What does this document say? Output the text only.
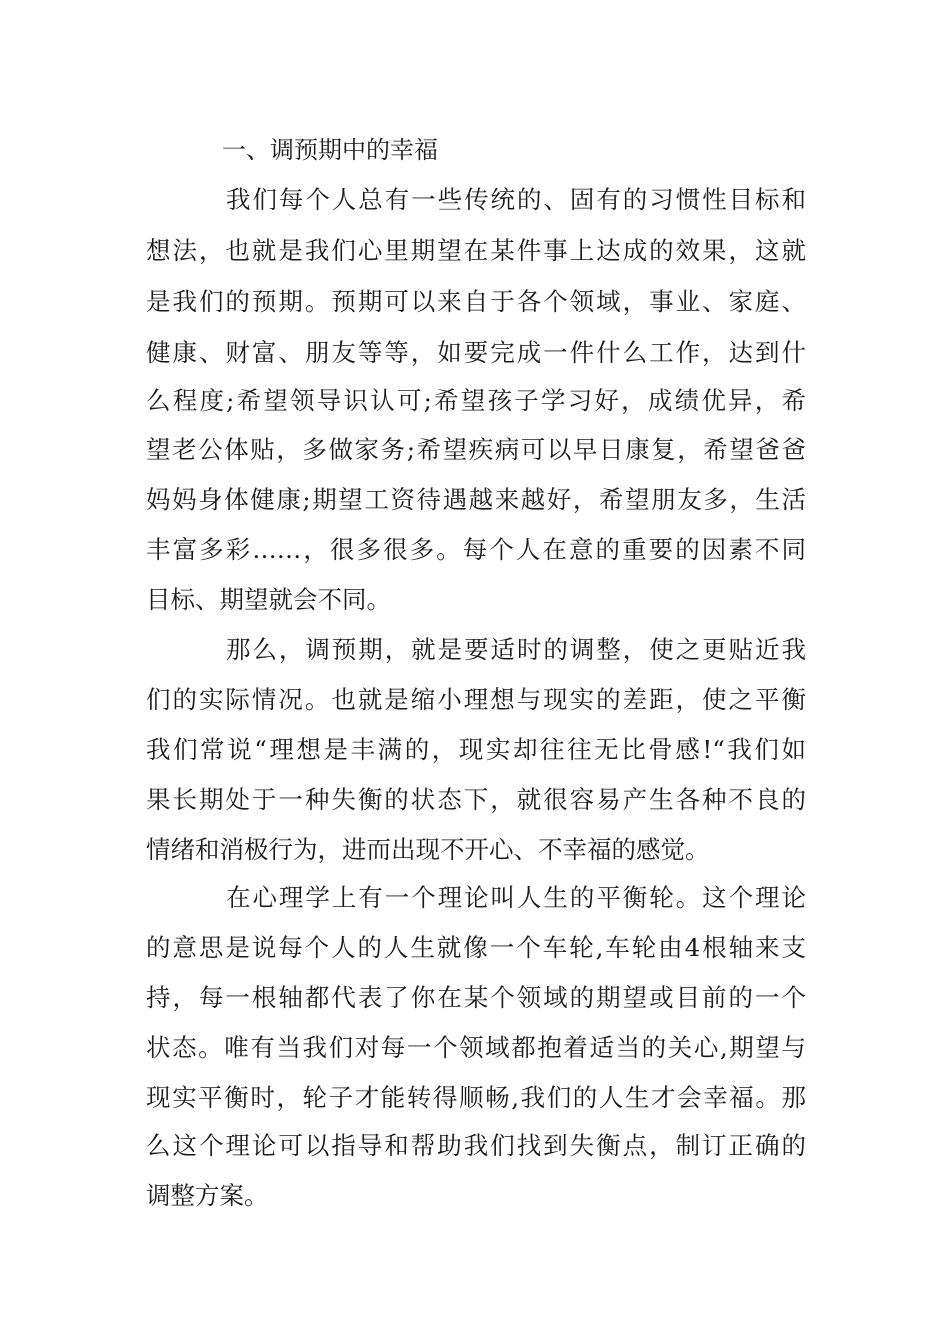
一、调预期中的幸福
我们每个人总有一些传统的、固有的习惯性目标和
想法，也就是我们心里期望在某件事上达成的效果，这就
是我们的预期。预期可以来自于各个领域，事业、家庭、
健康、财富、朋友等等，如要完成一件什么工作，达到什
么程度;希望领导识认可;希望孩子学习好，成绩优异，希
望老公体贴，多做家务;希望疾病可以早日康复，希望爸爸
妈妈身体健康;期望工资待遇越来越好，希望朋友多，生活
丰富多彩……，很多很多。每个人在意的重要的因素不同
目标、期望就会不同。
那么，调预期，就是要适时的调整，使之更贴近我
们的实际情况。也就是缩小理想与现实的差距，使之平衡
我们常说“理想是丰满的，现实却往往无比骨感!“我们如
果长期处于一种失衡的状态下，就很容易产生各种不良的
情绪和消极行为，进而出现不开心、不幸福的感觉。
在心理学上有一个理论叫人生的平衡轮。这个理论
的意思是说每个人的人生就像一个车轮,车轮由4根轴来支
持，每一根轴都代表了你在某个领域的期望或目前的一个
状态。唯有当我们对每一个领域都抱着适当的关心,期望与
现实平衡时，轮子才能转得顺畅,我们的人生才会幸福。那
么这个理论可以指导和帮助我们找到失衡点，制订正确的
调整方案。
